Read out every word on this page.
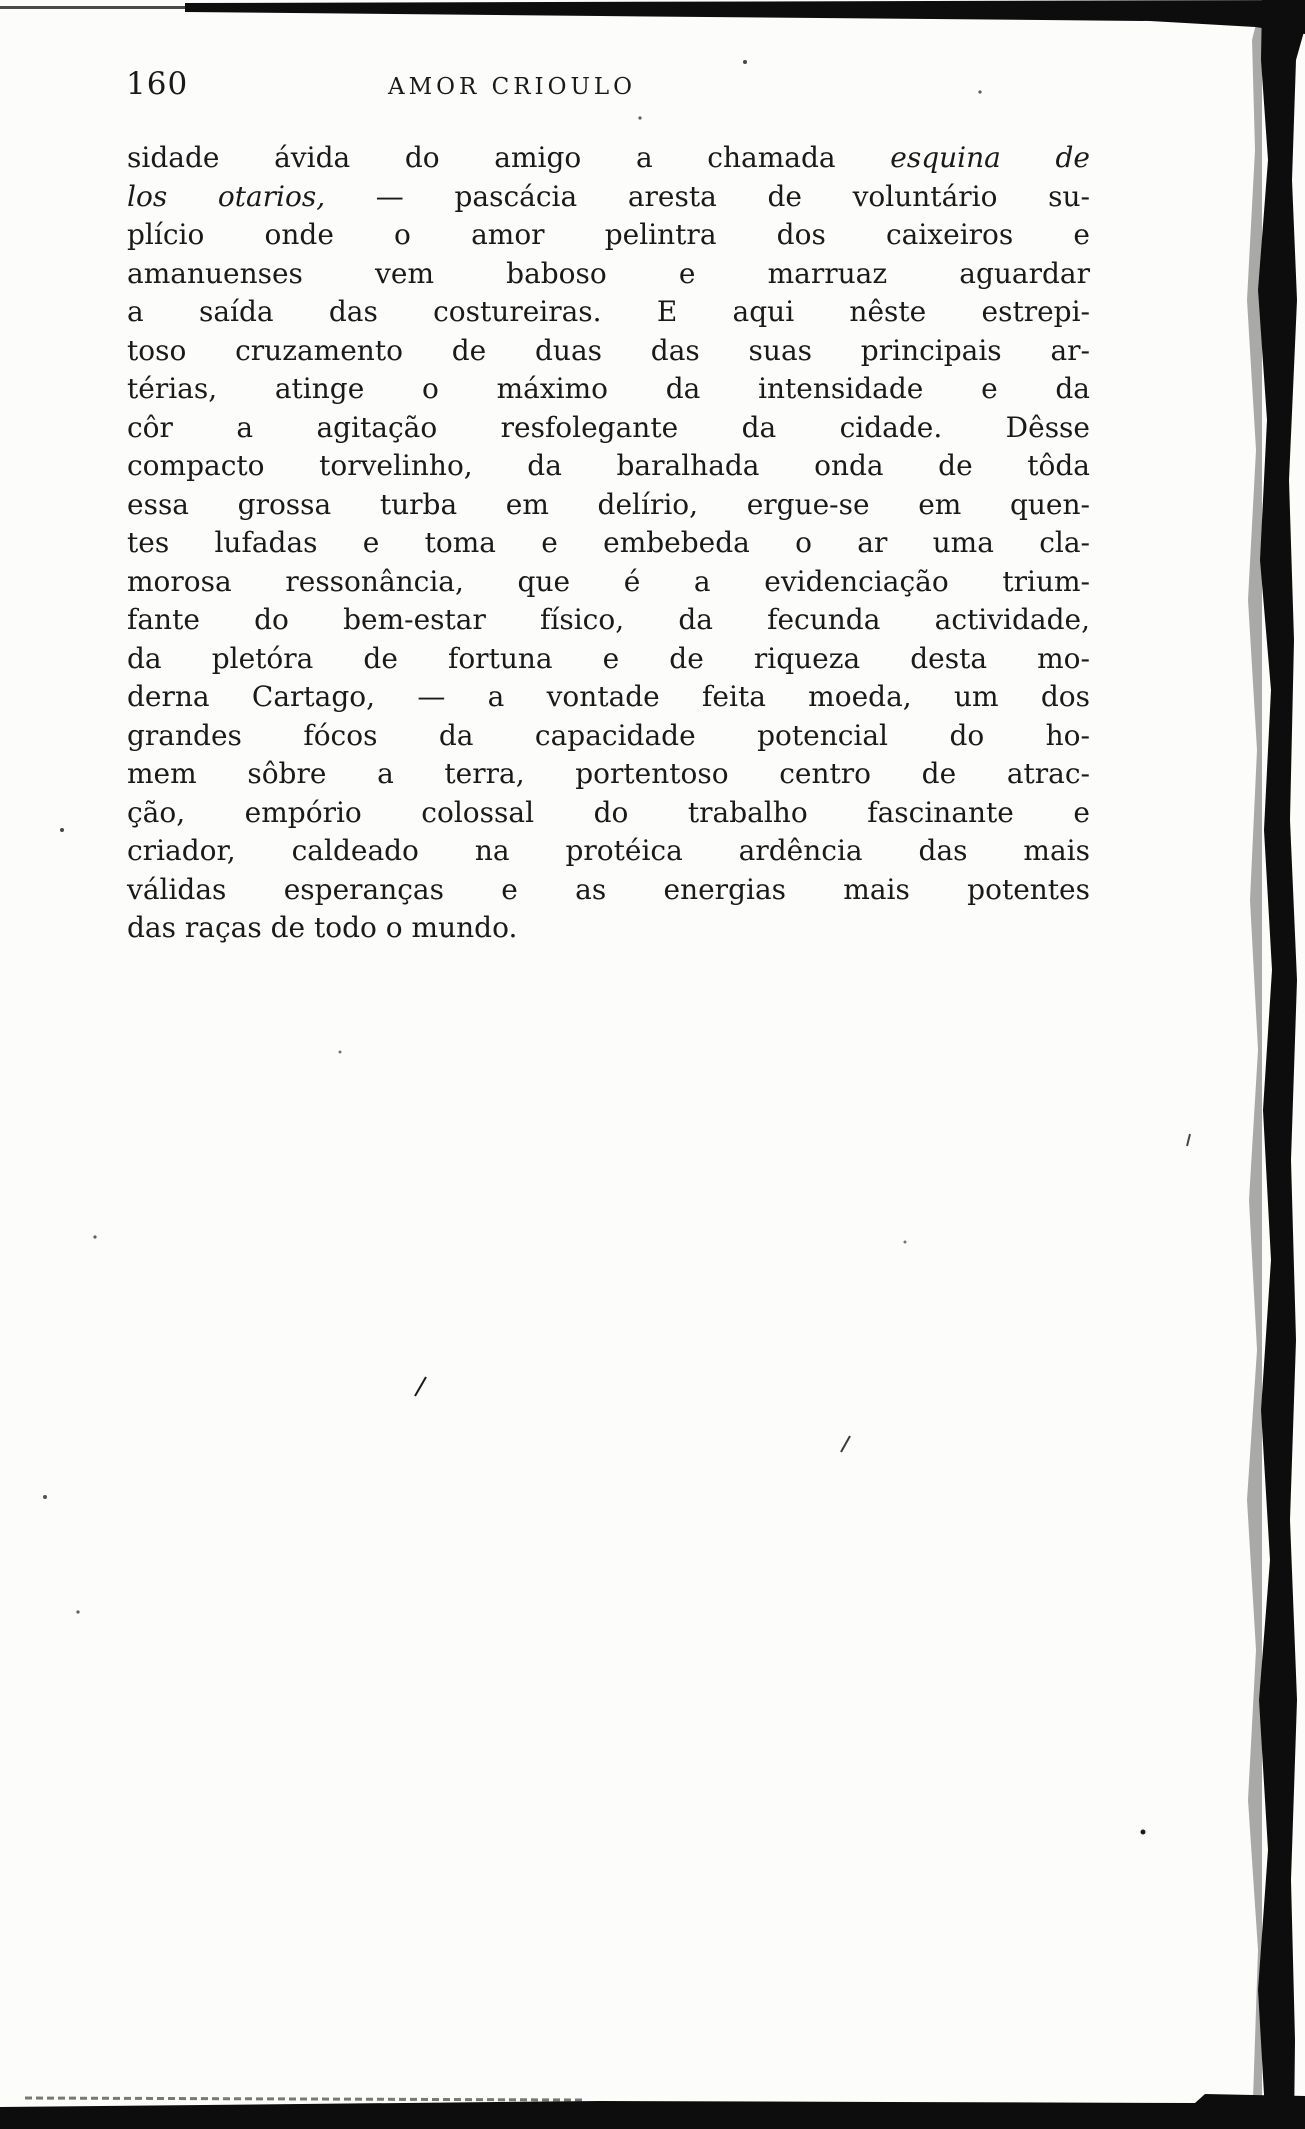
160	AMOR CRIOULO
sidade ávida do amigo a chamada esquina de
los otarios, — pascácia aresta de voluntário su-
plício onde o amor pelintra dos caixeiros e
amanuenses vem baboso e marruaz aguardar
a saída das costureiras. E aqui nêste estrepi-
toso cruzamento de duas das suas principais ar-
térias, atinge o máximo da intensidade e da
côr a agitação resfolegante da cidade. Dêsse
compacto torvelinho, da baralhada onda de tôda
essa grossa turba em delírio, ergue-se em quen-
tes lufadas e toma e embebeda o ar uma cla-
morosa ressonância, que é a evidenciação trium-
fante do bem-estar físico, da fecunda actividade,
da pletóra de fortuna e de riqueza desta mo-
derna Cartago, — a vontade feita moeda, um dos
grandes fócos da capacidade potencial do ho-
mem sôbre a terra, portentoso centro de atrac-
ção, empório colossal do trabalho fascinante e
criador, caldeado na protéica ardência das mais
válidas esperanças e as energias mais potentes
das raças de todo o mundo.
